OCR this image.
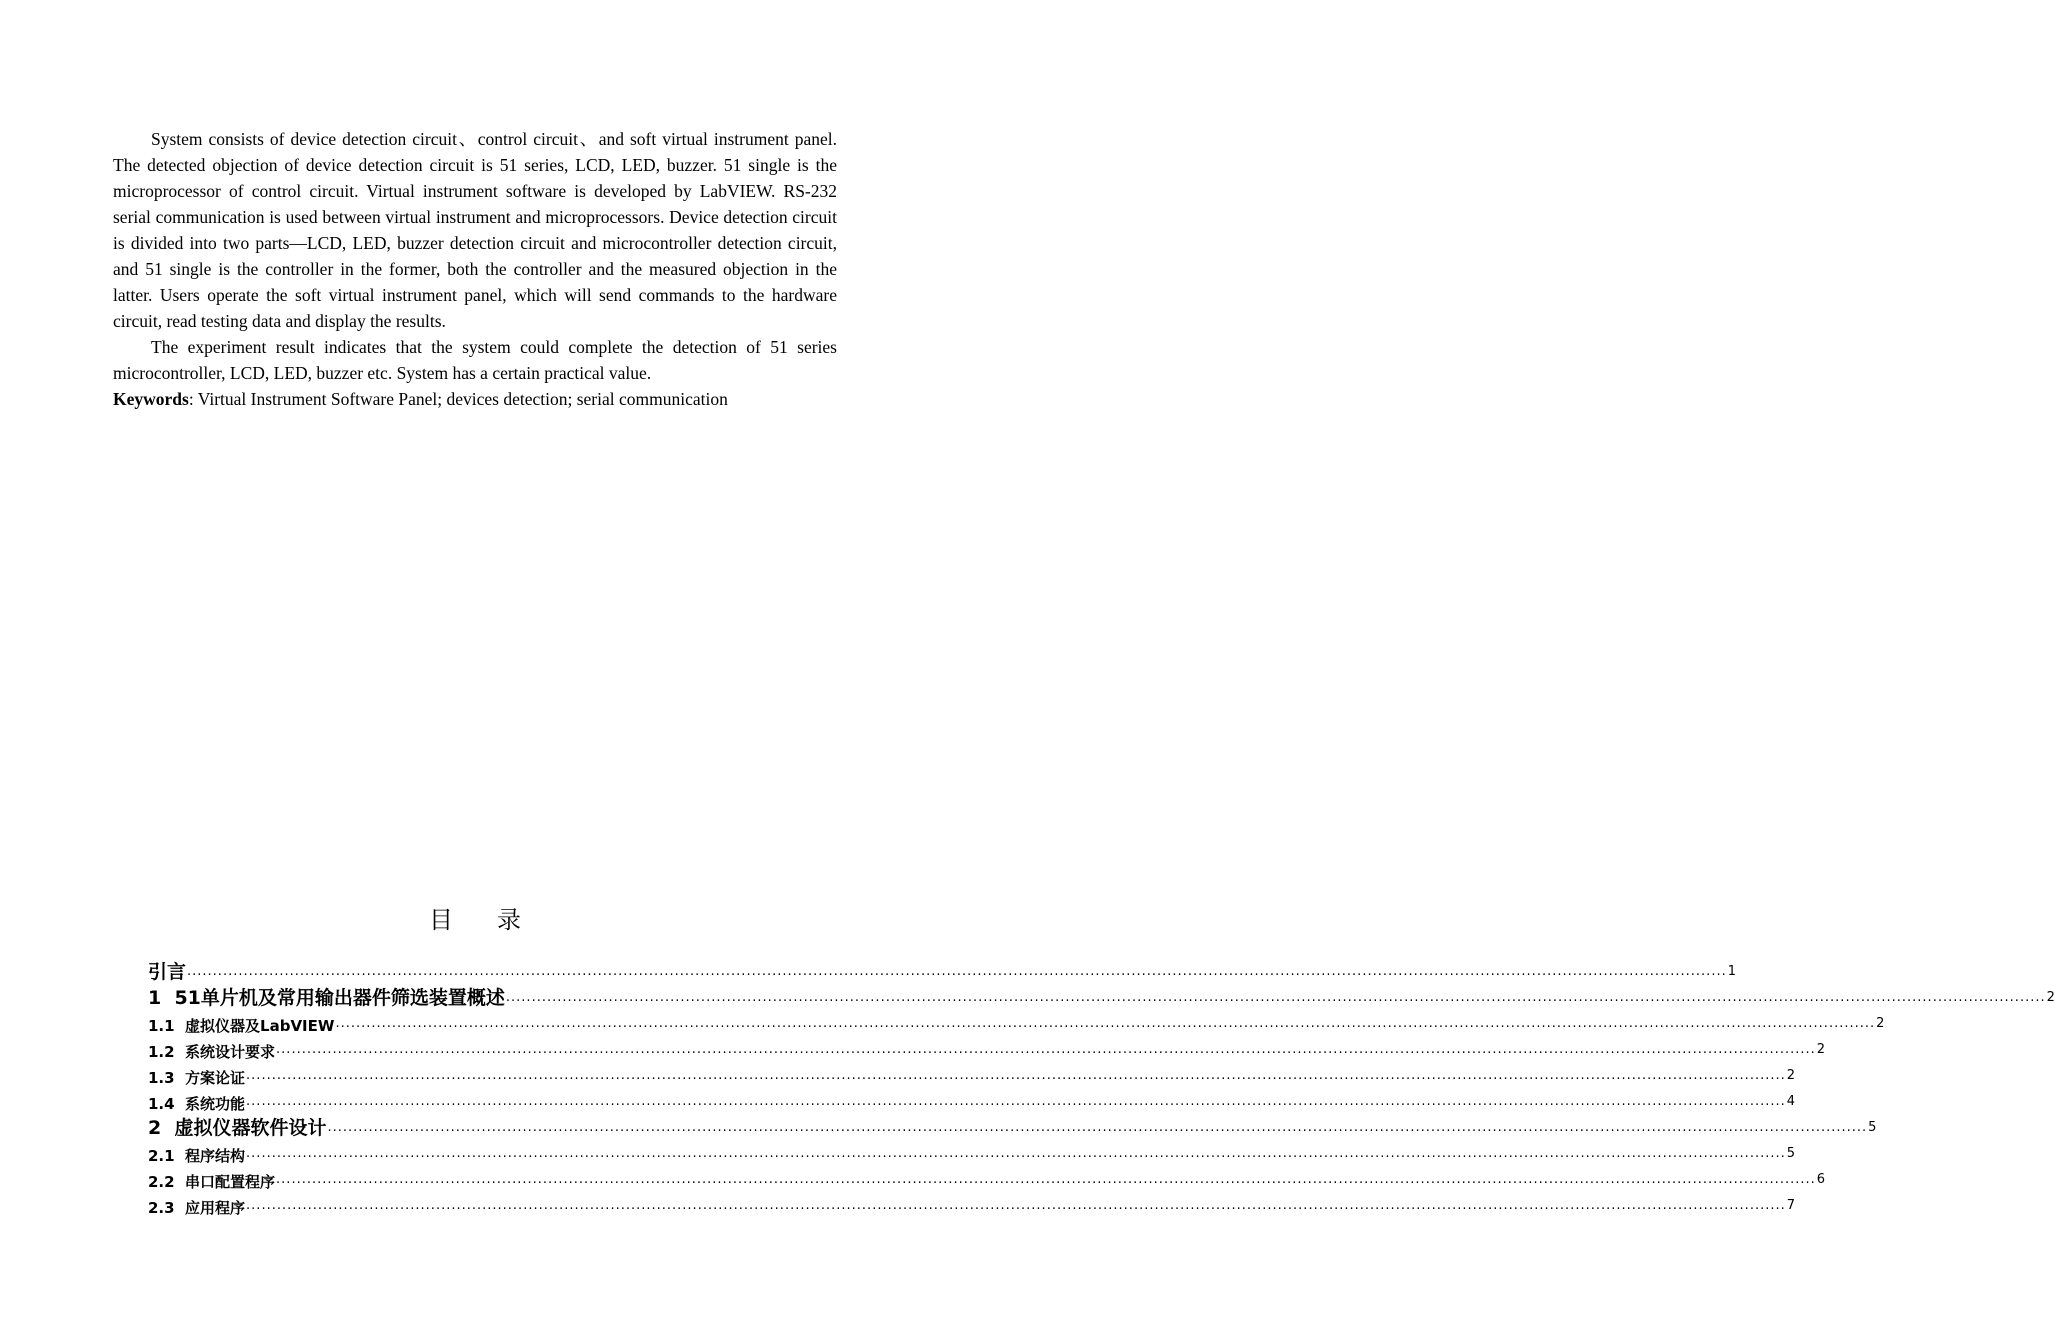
System consists of device detection circuit、control circuit、and soft virtual instrument panel. The detected objection of device detection circuit is 51 series, LCD, LED, buzzer. 51 single is the microprocessor of control circuit. Virtual instrument software is developed by LabVIEW. RS-232 serial communication is used between virtual instrument and microprocessors. Device detection circuit is divided into two parts—LCD, LED, buzzer detection circuit and microcontroller detection circuit, and 51 single is the controller in the former, both the controller and the measured objection in the latter. Users operate the soft virtual instrument panel, which will send commands to the hardware circuit, read testing data and display the results.

The experiment result indicates that the system could complete the detection of 51 series microcontroller, LCD, LED, buzzer etc. System has a certain practical value.

Keywords: Virtual Instrument Software Panel; devices detection; serial communication

目录
引言 ............................................................................................................................................................................................................................................................................................................ 1
1 51单片机及常用输出器件筛选装置概述 ............................................................................................................................................................................................................................................................................................................ 2
1.1 虚拟仪器及LabVIEW ............................................................................................................................................................................................................................................................................................................ 2
1.2 系统设计要求 ............................................................................................................................................................................................................................................................................................................ 2
1.3 方案论证 ............................................................................................................................................................................................................................................................................................................ 2
1.4 系统功能 ............................................................................................................................................................................................................................................................................................................ 4
2 虚拟仪器软件设计 ............................................................................................................................................................................................................................................................................................................ 5
2.1 程序结构 ............................................................................................................................................................................................................................................................................................................ 5
2.2 串口配置程序 ............................................................................................................................................................................................................................................................................................................ 6
2.3 应用程序 ............................................................................................................................................................................................................................................................................................................ 7
